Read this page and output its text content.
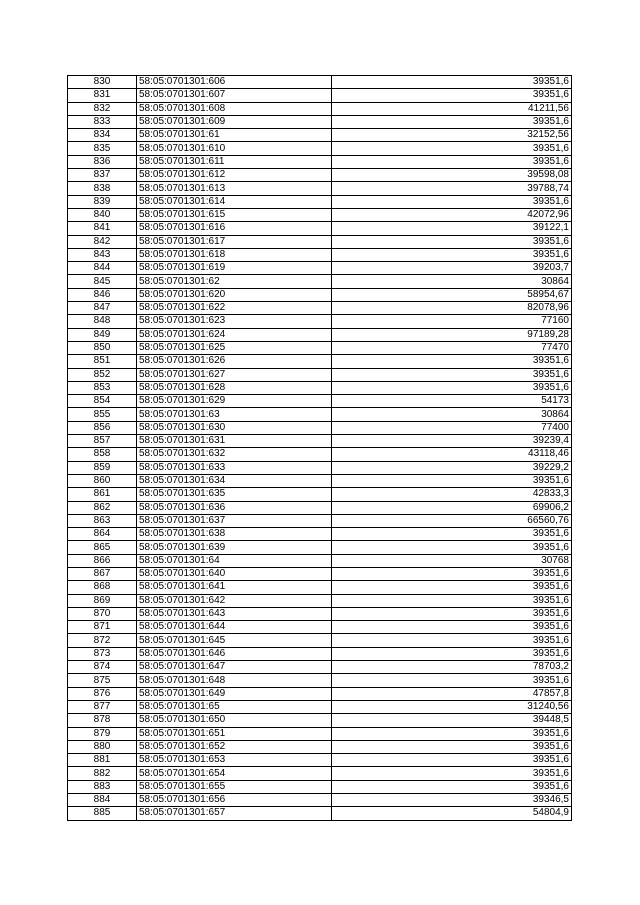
830	58:05:0701301:606	39351,6
831	58:05:0701301:607	39351,6
832	58:05:0701301:608	41211,56
833	58:05:0701301:609	39351,6
834	58:05:0701301:61	32152,56
835	58:05:0701301:610	39351,6
836	58:05:0701301:611	39351,6
837	58:05:0701301:612	39598,08
838	58:05:0701301:613	39788,74
839	58:05:0701301:614	39351,6
840	58:05:0701301:615	42072,96
841	58:05:0701301:616	39122,1
842	58:05:0701301:617	39351,6
843	58:05:0701301:618	39351,6
844	58:05:0701301:619	39203,7
845	58:05:0701301:62	30864
846	58:05:0701301:620	58954,67
847	58:05:0701301:622	82078,96
848	58:05:0701301:623	77160
849	58:05:0701301:624	97189,28
850	58:05:0701301:625	77470
851	58:05:0701301:626	39351,6
852	58:05:0701301:627	39351,6
853	58:05:0701301:628	39351,6
854	58:05:0701301:629	54173
855	58:05:0701301:63	30864
856	58:05:0701301:630	77400
857	58:05:0701301:631	39239,4
858	58:05:0701301:632	43118,46
859	58:05:0701301:633	39229,2
860	58:05:0701301:634	39351,6
861	58:05:0701301:635	42833,3
862	58:05:0701301:636	69906,2
863	58:05:0701301:637	66560,76
864	58:05:0701301:638	39351,6
865	58:05:0701301:639	39351,6
866	58:05:0701301:64	30768
867	58:05:0701301:640	39351,6
868	58:05:0701301:641	39351,6
869	58:05:0701301:642	39351,6
870	58:05:0701301:643	39351,6
871	58:05:0701301:644	39351,6
872	58:05:0701301:645	39351,6
873	58:05:0701301:646	39351,6
874	58:05:0701301:647	78703,2
875	58:05:0701301:648	39351,6
876	58:05:0701301:649	47857,8
877	58:05:0701301:65	31240,56
878	58:05:0701301:650	39448,5
879	58:05:0701301:651	39351,6
880	58:05:0701301:652	39351,6
881	58:05:0701301:653	39351,6
882	58:05:0701301:654	39351,6
883	58:05:0701301:655	39351,6
884	58:05:0701301:656	39346,5
885	58:05:0701301:657	54804,9
